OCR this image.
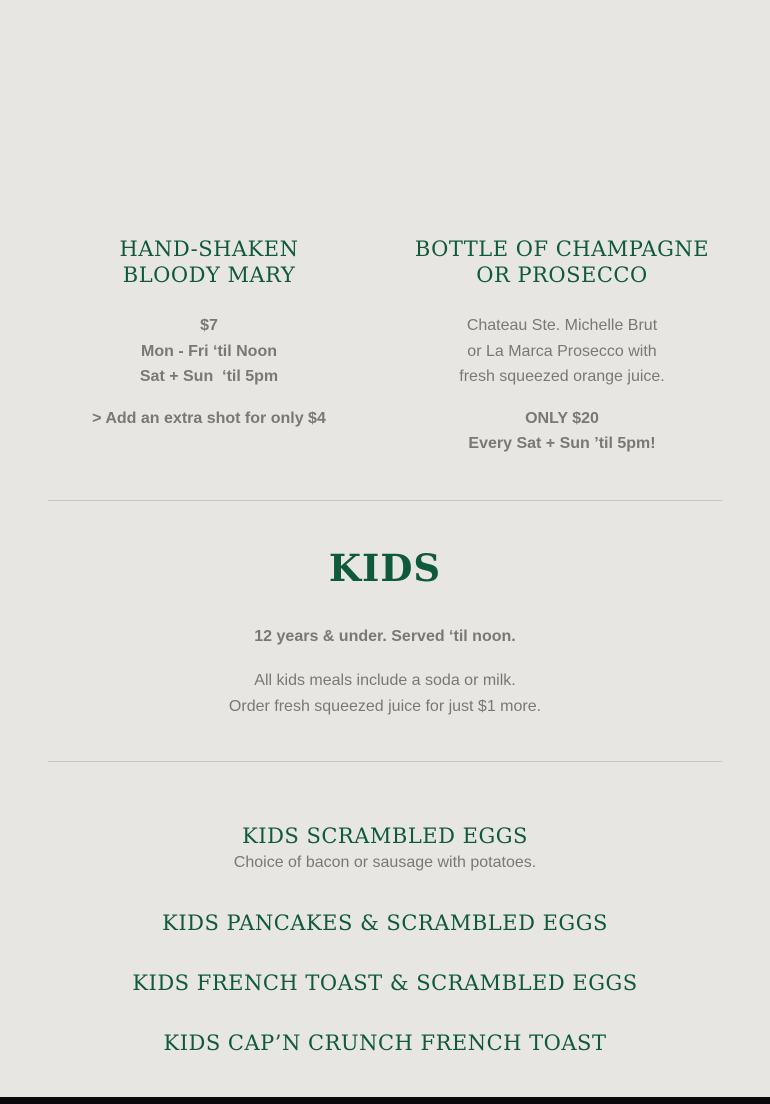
HAND-SHAKEN
BLOODY MARY
$7
Mon - Fri ‘til Noon
Sat + Sun  ‘til 5pm
> Add an extra shot for only $4
BOTTLE OF CHAMPAGNE
OR PROSECCO
Chateau Ste. Michelle Brut
or La Marca Prosecco with
fresh squeezed orange juice.
ONLY $20
Every Sat + Sun ’til 5pm!
KIDS
12 years & under. Served ‘til noon.
All kids meals include a soda or milk.
Order fresh squeezed juice for just $1 more.
KIDS SCRAMBLED EGGS
Choice of bacon or sausage with potatoes.
KIDS PANCAKES & SCRAMBLED EGGS
KIDS FRENCH TOAST & SCRAMBLED EGGS
KIDS CAP’N CRUNCH FRENCH TOAST
